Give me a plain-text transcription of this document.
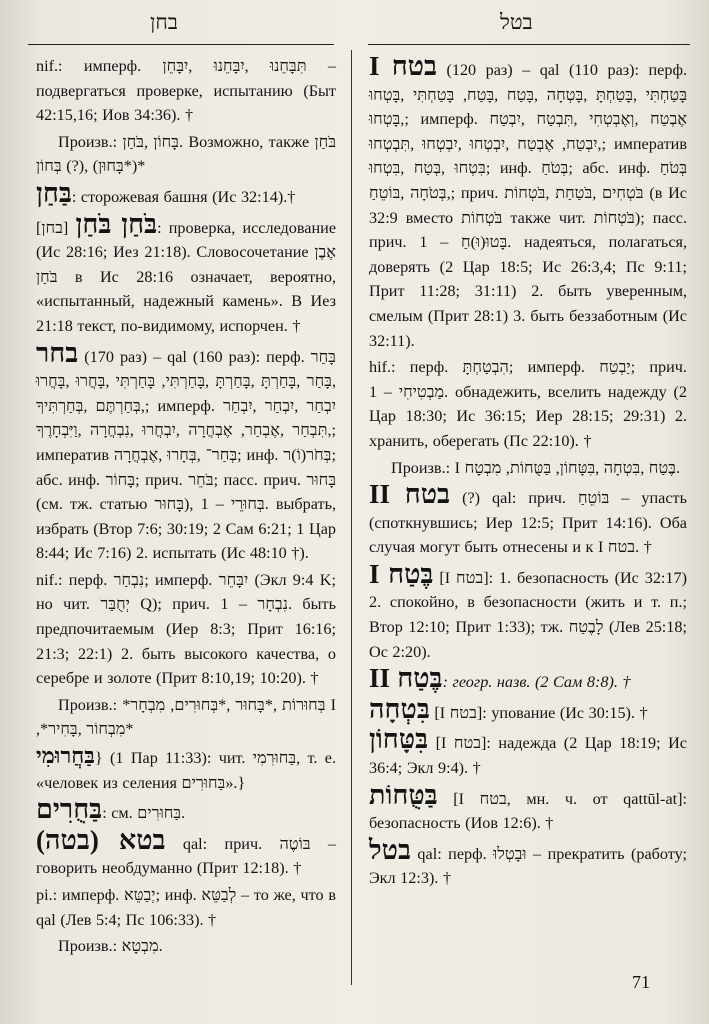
בחן	בטל

nif.: имперф. תִּבָּחֵנוּ ,יִבָּחֵנוּ ,יִבָּחֵן – подвергаться проверке, испытанию (Быт 42:15,16; Иов 34:36). †

Произв.: בָּחוֹן ,בֹּחַן. Возможно, также בֹּחַן (*בָּחוּן) ,(?) בְּחוֹן*

בַּחַן: сторожевая башня (Ис 32:14).†

בֹּחַן בֹּחַן [בחן]: проверка, исследование (Ис 28:16; Иез 21:18). Словосочетание אֶבֶן בֹּחַן в Ис 28:16 означает, вероятно, «испытанный, надежный камень». В Иез 21:18 текст, по-видимому, испорчен. †

בחר (170 раз) – qal (160 раз): перф. בָּחַר ,בָּחַר ,בָּחַרְתָּ ,בָּחַרְתָּ ,בָּחַרְתִּי, בָּחַרְתִּי ,בָּחֲרוּ ,בָּחֲרוּ ,בְּחַרְתֶּם ,בְּחַרְתִּיךָ; имперф. יִבְחַר ,יִבְחַר ,יִבְחַר ,תִּבְחַר ,אֶבְחַר, אֶבְחֲרָה ,יִבְחֲרוּ ,נִבְחֲרָה ,וַיִּבְחָרֶךָ; императив בְּחַר־ ,בְּחָרוּ ,אֶבְחֲרָה; инф. בְּחֹר(וֹ)ר; абс. инф. בָּחוֹר; прич. בֹּחֵר; пасс. прич. בָּחוּר (см. тж. статью בָּחוּר), בְּחוּרֵי – 1. выбрать, избрать (Втор 7:6; 30:19; 2 Сам 6:21; 1 Цар 8:44; Ис 7:16) 2. испытать (Ис 48:10 †).

nif.: перф. נִבְחַר; имперф. יִבָּחֵר (Экл 9:4 K; но чит. יְחֻבַּר Q); прич. נִבְחָר – 1. быть предпочитаемым (Иер 8:3; Прит 16:16; 21:3; 22:1) 2. быть высокого качества, о серебре и золоте (Прит 8:10,19; 10:20). †

Произв.: *בְּחוּרוֹת ,*בָּחוּר ,*בְּחוּרִים, מִבְחָר I ,*מִבְחוֹר ,בָּחִיר*

בַּחֲרוּמִי} (1 Пар 11:33): чит. בַּחוּרִמִי, т. е. «человек из селения בַּחוּרִים».}

בַּחֻרִים: см. בַּחוּרִים.

בטא (בטה) qal: прич. בּוֹטֶה – говорить необдуманно (Прит 12:18). †

pi.: имперф. יְבַטֵּא; инф. לְבַטֵּא – то же, что в qal (Лев 5:4; Пс 106:33). †

Произв.: מִבְטָא.

I בטח (120 раз) – qal (110 раз): перф. בָּטַחְתִּי ,בָּטַחְתָּ ,בָּטְחָה ,בָּטַח ,בָּטַח, בָּטַחְתִּי ,בָּטְחוּ ,בָּטְחוּ; имперф. אֶבְטַח ,וְאֶבְטְחִי ,תִּבְטַח ,יִבְטַח ,יִבְטַח, אֶבְטַח ,יִבְטְחוּ ,יִבְטְחוּ ,תִּבְטְחוּ; императив בִּטְחוּ ,בְּטַח ,בִּטְחוּ; инф. בְּטֹחַ; абс. инф. בְּטֹחַ ,בְּטֹחָה ,בּוֹטֵחַ; прич. בֹּטְחִים ,בֹּטַחַת ,בֹּטְחוֹת (в Ис 32:9 вместо בֹּטְחוֹת также чит. בֹּטְחוֹת); пасс. прич. בָּטוּ(וּ)חַ – 1. надеяться, полагаться, доверять (2 Цар 18:5; Ис 26:3,4; Пс 9:11; Прит 11:28; 31:11) 2. быть уверенным, смелым (Прит 28:1) 3. быть беззаботным (Ис 32:11).

hif.: перф. הִבְטַחְתָּ; имперф. יַבְטַח; прич. מַבְטִיחִי – 1. обнадежить, вселить надежду (2 Цар 18:30; Ис 36:15; Иер 28:15; 29:31) 2. хранить, оберегать (Пс 22:10). †

Произв.: I בֶּטַח ,בִּטְחָה ,בִּטָּחוֹן, בַּטֻּחוֹת, מִבְטָח.

II בטח (?) qal: прич. בּוֹטֵחַ – упасть (споткнувшись; Иер 12:5; Прит 14:16). Оба случая могут быть отнесены и к I בטח. †

I בֶּטַח [I בטח]: 1. безопасность (Ис 32:17) 2. спокойно, в безопасности (жить и т. п.; Втор 12:10; Прит 1:33); тж. לָבֶטַח (Лев 25:18; Ос 2:20).

II בֶּטַח: геогр. назв. (2 Сам 8:8). †

בִּטְחָה [I בטח]: упование (Ис 30:15). †

בִּטָּחוֹן [I בטח]: надежда (2 Цар 18:19; Ис 36:4; Экл 9:4). †

בַּטֻּחוֹת [I בטח, мн. ч. от qattūl-at]: безопасность (Иов 12:6). †

בטל qal: перф. וּבָטְלוּ – прекратить (работу; Экл 12:3). †

71
